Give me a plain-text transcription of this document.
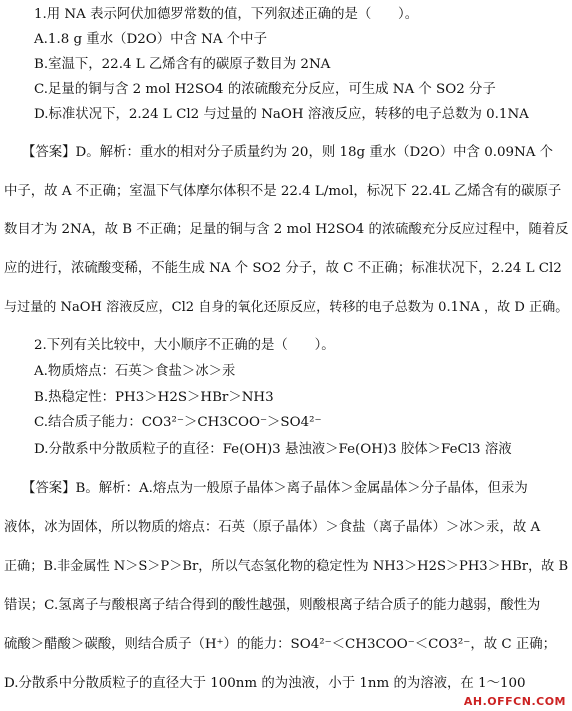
1.用 NA 表示阿伏加德罗常数的值，下列叙述正确的是（　　）。
A.1.8 g 重水（D2O）中含 NA 个中子
B.室温下，22.4 L 乙烯含有的碳原子数目为 2NA
C.足量的铜与含 2 mol H2SO4 的浓硫酸充分反应，可生成 NA 个 SO2 分子
D.标准状况下，2.24 L Cl2 与过量的 NaOH 溶液反应，转移的电子总数为 0.1NA
【答案】D。解析：重水的相对分子质量约为 20，则 18g 重水（D2O）中含 0.09NA 个
中子，故 A 不正确；室温下气体摩尔体积不是 22.4 L/mol，标况下 22.4L 乙烯含有的碳原子
数目才为 2NA，故 B 不正确；足量的铜与含 2 mol H2SO4 的浓硫酸充分反应过程中，随着反
应的进行，浓硫酸变稀，不能生成 NA 个 SO2 分子，故 C 不正确；标准状况下，2.24 L Cl2
与过量的 NaOH 溶液反应，Cl2 自身的氧化还原反应，转移的电子总数为 0.1NA ，故 D 正确。
2.下列有关比较中，大小顺序不正确的是（　　）。
A.物质熔点：石英＞食盐＞冰＞汞
B.热稳定性：PH3＞H2S＞HBr＞NH3
C.结合质子能力：CO3²⁻＞CH3COO⁻＞SO4²⁻
D.分散系中分散质粒子的直径：Fe(OH)3 悬浊液＞Fe(OH)3 胶体＞FeCl3 溶液
【答案】B。解析：A.熔点为一般原子晶体＞离子晶体＞金属晶体＞分子晶体，但汞为
液体，冰为固体，所以物质的熔点：石英（原子晶体）＞食盐（离子晶体）＞冰＞汞，故 A
正确；B.非金属性 N＞S＞P＞Br，所以气态氢化物的稳定性为 NH3＞H2S＞PH3＞HBr，故 B
错误；C.氢离子与酸根离子结合得到的酸性越强，则酸根离子结合质子的能力越弱，酸性为
硫酸＞醋酸＞碳酸，则结合质子（H⁺）的能力：SO4²⁻＜CH3COO⁻＜CO3²⁻，故 C 正确；
D.分散系中分散质粒子的直径大于 100nm 的为浊液，小于 1nm 的为溶液，在 1～100
AH.OFFCN.COM
